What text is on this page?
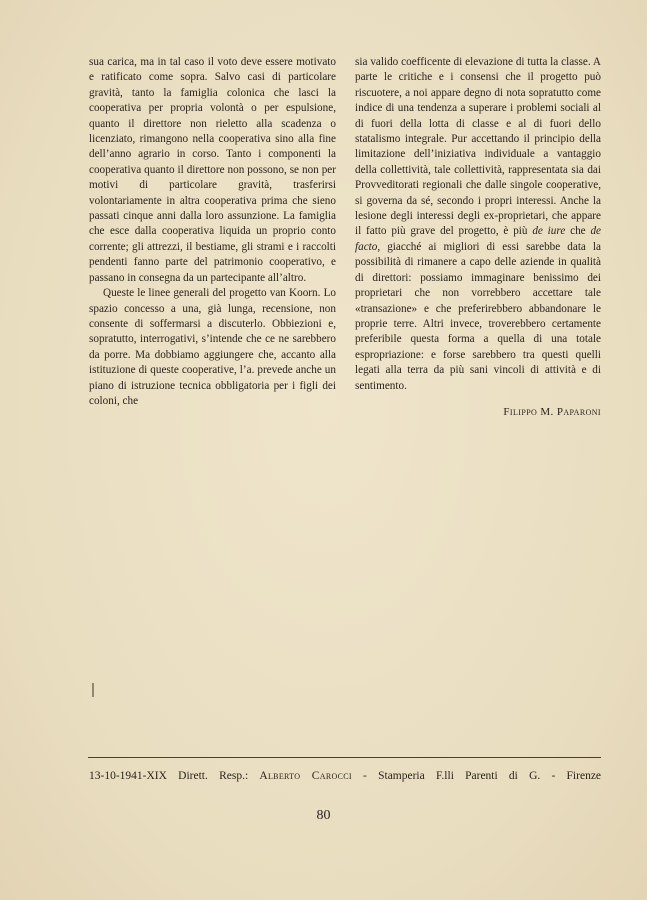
sua carica, ma in tal caso il voto deve essere motivato e ratificato come sopra. Salvo casi di particolare gravità, tanto la famiglia colonica che lasci la cooperativa per propria volontà o per espulsione, quanto il direttore non rieletto alla scadenza o licenziato, rimangono nella cooperativa sino alla fine dell’anno agrario in corso. Tanto i componenti la cooperativa quanto il direttore non possono, se non per motivi di particolare gravità, trasferirsi volontariamente in altra cooperativa prima che sieno passati cinque anni dalla loro assunzione. La famiglia che esce dalla cooperativa liquida un proprio conto corrente; gli attrezzi, il bestiame, gli strami e i raccolti pendenti fanno parte del patrimonio cooperativo, e passano in consegna da un partecipante all’altro.

Queste le linee generali del progetto van Koorn. Lo spazio concesso a una, già lunga, recensione, non consente di soffermarsi a discuterlo. Obbiezioni e, sopratutto, interrogativi, s’intende che ce ne sarebbero da porre. Ma dobbiamo aggiungere che, accanto alla istituzione di queste cooperative, l’a. prevede anche un piano di istruzione tecnica obbligatoria per i figli dei coloni, che

sia valido coefficente di elevazione di tutta la classe. A parte le critiche e i consensi che il progetto può riscuotere, a noi appare degno di nota sopratutto come indice di una tendenza a superare i problemi sociali al di fuori della lotta di classe e al di fuori dello statalismo integrale. Pur accettando il principio della limitazione dell’iniziativa individuale a vantaggio della collettività, tale collettività, rappresentata sia dai Provveditorati regionali che dalle singole cooperative, si governa da sé, secondo i propri interessi. Anche la lesione degli interessi degli ex-proprietari, che appare il fatto più grave del progetto, è più de iure che de facto, giacché ai migliori di essi sarebbe data la possibilità di rimanere a capo delle aziende in qualità di direttori: possiamo immaginare benissimo dei proprietari che non vorrebbero accettare tale «transazione» e che preferirebbero abbandonare le proprie terre. Altri invece, troverebbero certamente preferibile questa forma a quella di una totale espropriazione: e forse sarebbero tra questi quelli legati alla terra da più sani vincoli di attività e di sentimento.

Filippo M. Paparoni
13-10-1941-XIX Dirett. Resp.: Alberto Carocci - Stamperia F.lli Parenti di G. - Firenze
80
